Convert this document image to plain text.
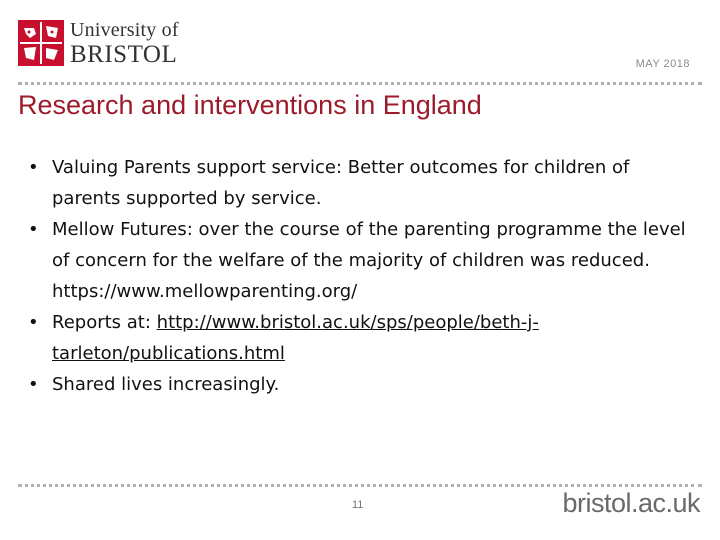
University of
BRISTOL	MAY 2018
Research and interventions in England
• Valuing Parents support service: Better outcomes for children of parents supported by service.
• Mellow Futures: over the course of the parenting programme the level of concern for the welfare of the majority of children was reduced. https://www.mellowparenting.org/
• Reports at: http://www.bristol.ac.uk/sps/people/beth-j-tarleton/publications.html
• Shared lives increasingly.
11	bristol.ac.uk
